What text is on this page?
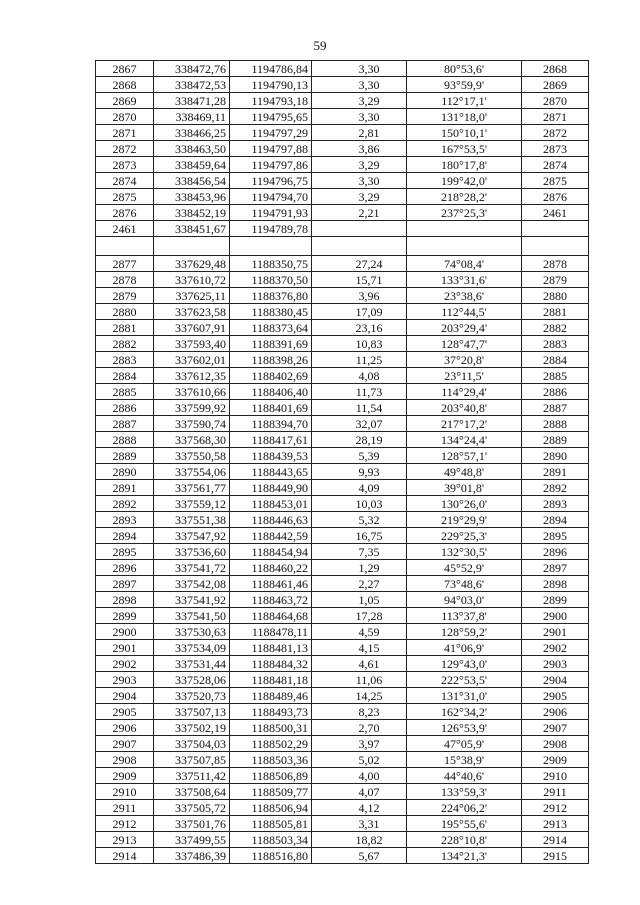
59
2867	338472,76	1194786,84	3,30	80°53,6'	2868
2868	338472,53	1194790,13	3,30	93°59,9'	2869
2869	338471,28	1194793,18	3,29	112°17,1'	2870
2870	338469,11	1194795,65	3,30	131°18,0'	2871
2871	338466,25	1194797,29	2,81	150°10,1'	2872
2872	338463,50	1194797,88	3,86	167°53,5'	2873
2873	338459,64	1194797,86	3,29	180°17,8'	2874
2874	338456,54	1194796,75	3,30	199°42,0'	2875
2875	338453,96	1194794,70	3,29	218°28,2'	2876
2876	338452,19	1194791,93	2,21	237°25,3'	2461
2461	338451,67	1194789,78			

2877	337629,48	1188350,75	27,24	74°08,4'	2878
2878	337610,72	1188370,50	15,71	133°31,6'	2879
2879	337625,11	1188376,80	3,96	23°38,6'	2880
2880	337623,58	1188380,45	17,09	112°44,5'	2881
2881	337607,91	1188373,64	23,16	203°29,4'	2882
2882	337593,40	1188391,69	10,83	128°47,7'	2883
2883	337602,01	1188398,26	11,25	37°20,8'	2884
2884	337612,35	1188402,69	4,08	23°11,5'	2885
2885	337610,66	1188406,40	11,73	114°29,4'	2886
2886	337599,92	1188401,69	11,54	203°40,8'	2887
2887	337590,74	1188394,70	32,07	217°17,2'	2888
2888	337568,30	1188417,61	28,19	134°24,4'	2889
2889	337550,58	1188439,53	5,39	128°57,1'	2890
2890	337554,06	1188443,65	9,93	49°48,8'	2891
2891	337561,77	1188449,90	4,09	39°01,8'	2892
2892	337559,12	1188453,01	10,03	130°26,0'	2893
2893	337551,38	1188446,63	5,32	219°29,9'	2894
2894	337547,92	1188442,59	16,75	229°25,3'	2895
2895	337536,60	1188454,94	7,35	132°30,5'	2896
2896	337541,72	1188460,22	1,29	45°52,9'	2897
2897	337542,08	1188461,46	2,27	73°48,6'	2898
2898	337541,92	1188463,72	1,05	94°03,0'	2899
2899	337541,50	1188464,68	17,28	113°37,8'	2900
2900	337530,63	1188478,11	4,59	128°59,2'	2901
2901	337534,09	1188481,13	4,15	41°06,9'	2902
2902	337531,44	1188484,32	4,61	129°43,0'	2903
2903	337528,06	1188481,18	11,06	222°53,5'	2904
2904	337520,73	1188489,46	14,25	131°31,0'	2905
2905	337507,13	1188493,73	8,23	162°34,2'	2906
2906	337502,19	1188500,31	2,70	126°53,9'	2907
2907	337504,03	1188502,29	3,97	47°05,9'	2908
2908	337507,85	1188503,36	5,02	15°38,9'	2909
2909	337511,42	1188506,89	4,00	44°40,6'	2910
2910	337508,64	1188509,77	4,07	133°59,3'	2911
2911	337505,72	1188506,94	4,12	224°06,2'	2912
2912	337501,76	1188505,81	3,31	195°55,6'	2913
2913	337499,55	1188503,34	18,82	228°10,8'	2914
2914	337486,39	1188516,80	5,67	134°21,3'	2915
